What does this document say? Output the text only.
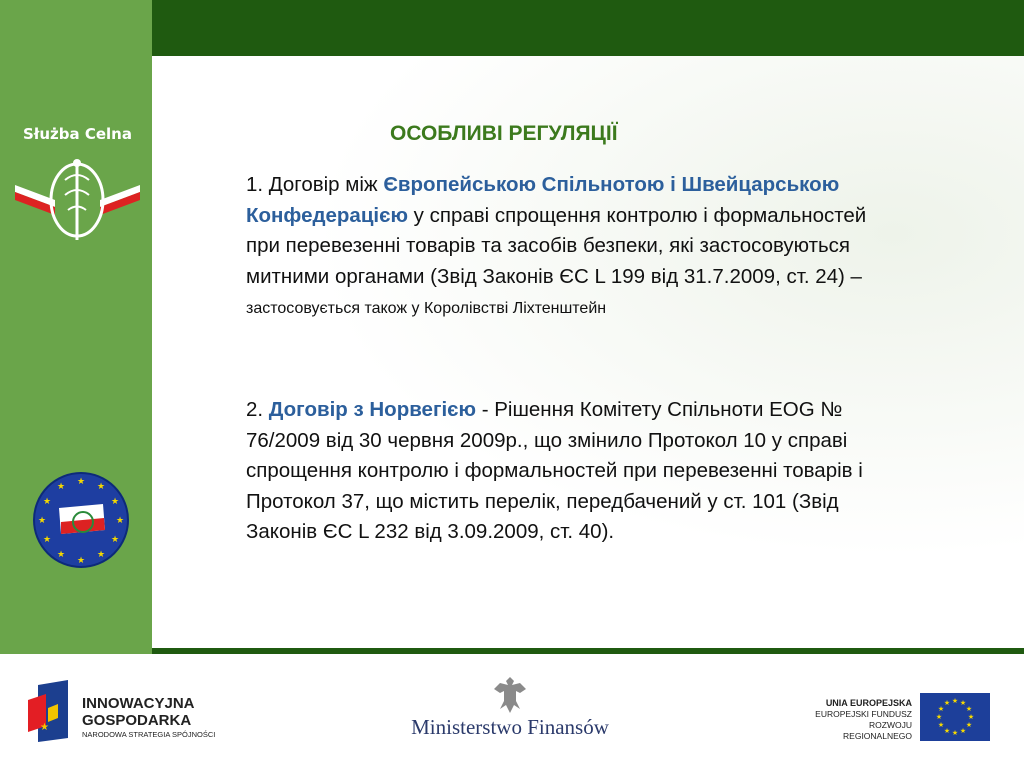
Służba Celna
★ ★
★
★
★
★
★
★
★
★
★
★
ОСОБЛИВІ РЕГУЛЯЦІЇ
1. Договір між Європейською Спільнотою і Швейцарською Конфедерацією у справі спрощення контролю і формальностей при перевезенні товарів та засобів безпеки, які застосовуються митними органами (Звід Законів ЄС L 199 від 31.7.2009, ст. 24) –застосовується також у Королівстві Ліхтенштейн
2. Договір з Норвегією - Рішення Комітету Спільноти EOG № 76/2009 від 30 червня 2009р., що змінило Протокол 10 у справі спрощення контролю і формальностей при перевезенні товарів і Протокол 37, що містить перелік, передбачений у ст. 101 (Звід Законів ЄС L 232 від 3.09.2009, ст. 40).
★
INNOWACYJNA
GOSPODARKA
NARODOWA STRATEGIA SPÓJNOŚCI	Ministerstwo Finansów
UNIA EUROPEJSKA
EUROPEJSKI FUNDUSZ
ROZWOJU REGIONALNEGO
★ ★
★
★
★
★
★
★
★
★
★
★
